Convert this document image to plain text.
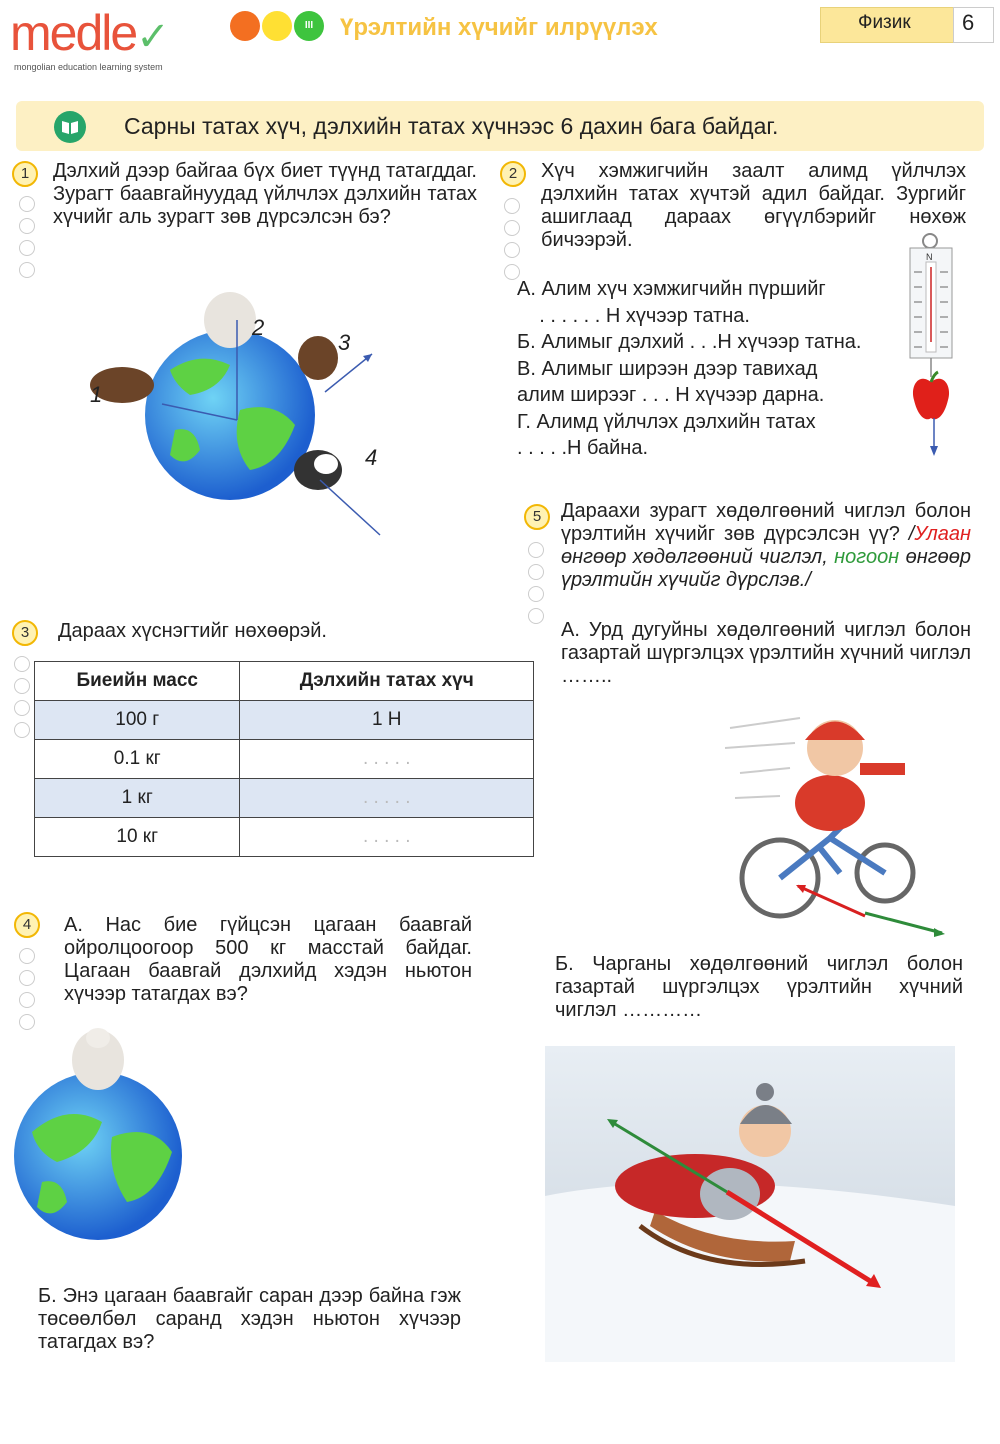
medle✓
mongolian education learning system
III	Үрэлтийн хүчийг илрүүлэх	Физик 6
Сарны татах хүч, дэлхийн татах хүчнээс 6 дахин бага байдаг.
1	Дэлхий дээр байгаа бүх биет түүнд татагддаг. Зурагт баавгайнуудад үйлчлэх дэлхийн татах хүчийг аль зурагт зөв дүрсэлсэн бэ?
2
3
1
4
2	Хүч хэмжигчийн заалт алимд үйлчлэх дэлхийн татах хүчтэй адил байдаг. Зургийг ашиглаад дараах өгүүлбэрийг нөхөж бичээрэй.
А. Алим хүч хэмжигчийн пүршийг
. . . . . . Н хүчээр татна.
Б. Алимыг дэлхий . . .Н хүчээр татна.
В. Алимыг ширээн дээр тавихад
алим ширээг . . . Н хүчээр дарна.
Г. Алимд үйлчлэх дэлхийн татах
. . . . .Н байна.
N
3	Дараах хүснэгтийг нөхөөрэй.
Биеийн масс	Дэлхийн татах хүч
100 г	1 Н
0.1 кг	. . . . .
1 кг	. . . . .
10 кг	. . . . .
4	А. Нас бие гүйцсэн цагаан баавгай ойролцоогоор 500 кг масстай байдаг. Цагаан баавгай дэлхийд хэдэн ньютон хүчээр татагдах вэ?
Б. Энэ цагаан баавгайг саран дээр байна гэж төсөөлбөл саранд хэдэн ньютон хүчээр татагдах вэ?
5 Дараахи зурагт хөдөлгөөний чиглэл болон үрэлтийн хүчийг зөв дүрсэлсэн үү? /Улаан өнгөөр хөдөлгөөний чиглэл, ногоон өнгөөр үрэлтийн хүчийг дүрслэв./
А. Урд дугуйны хөдөлгөөний чиглэл болон газартай шүргэлцэх үрэлтийн хүчний чиглэл ……..
Б. Чарганы хөдөлгөөний чиглэл болон газартай шүргэлцэх үрэлтийн хүчний чиглэл …………
